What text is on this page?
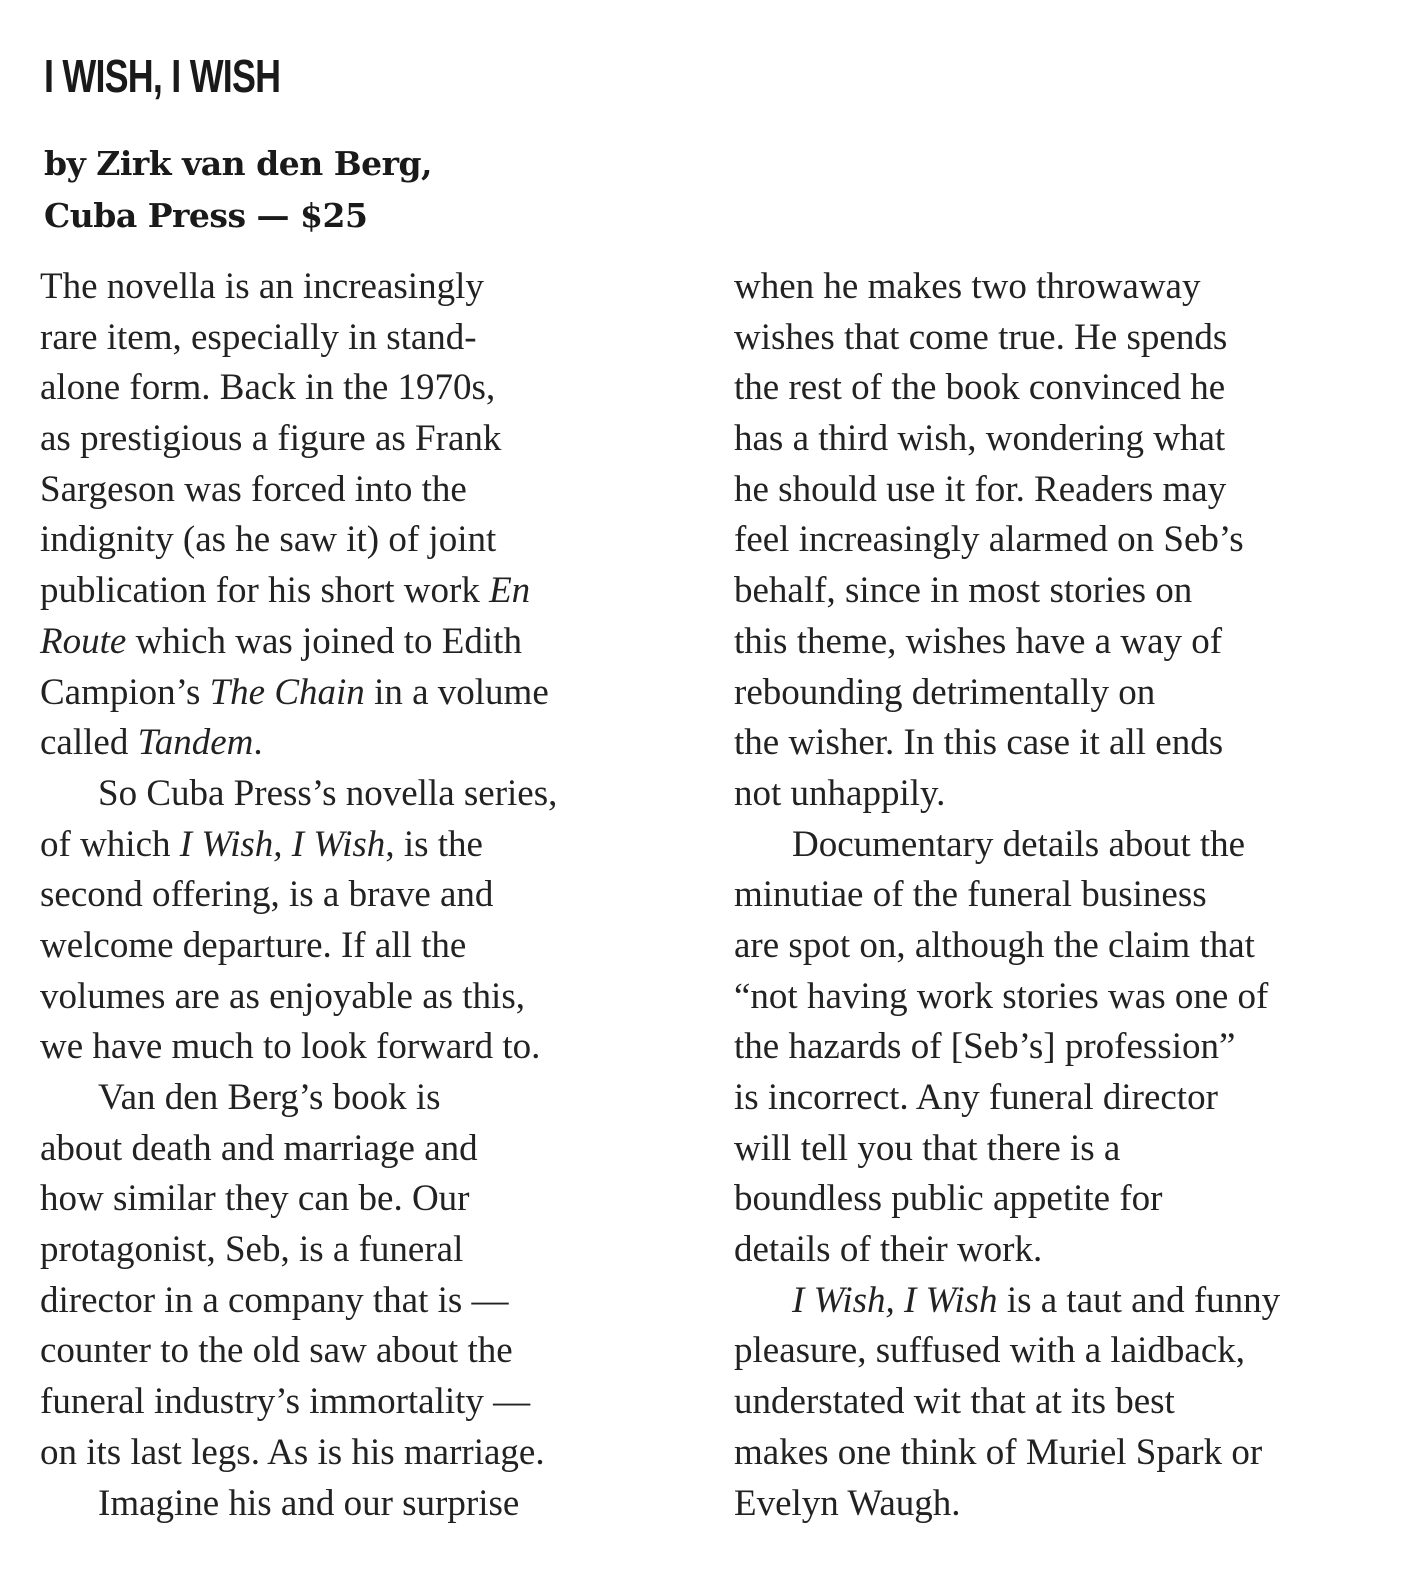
I WISH, I WISH
by Zirk van den Berg,
Cuba Press — $25
The novella is an increasingly
rare item, especially in stand-
alone form. Back in the 1970s,
as prestigious a figure as Frank
Sargeson was forced into the
indignity (as he saw it) of joint
publication for his short work En
Route which was joined to Edith
Campion’s The Chain in a volume
called Tandem.
So Cuba Press’s novella series,
of which I Wish, I Wish, is the
second offering, is a brave and
welcome departure. If all the
volumes are as enjoyable as this,
we have much to look forward to.
Van den Berg’s book is
about death and marriage and
how similar they can be. Our
protagonist, Seb, is a funeral
director in a company that is —
counter to the old saw about the
funeral industry’s immortality —
on its last legs. As is his marriage.
Imagine his and our surprise
when he makes two throwaway
wishes that come true. He spends
the rest of the book convinced he
has a third wish, wondering what
he should use it for. Readers may
feel increasingly alarmed on Seb’s
behalf, since in most stories on
this theme, wishes have a way of
rebounding detrimentally on
the wisher. In this case it all ends
not unhappily.
Documentary details about the
minutiae of the funeral business
are spot on, although the claim that
“not having work stories was one of
the hazards of [Seb’s] profession”
is incorrect. Any funeral director
will tell you that there is a
boundless public appetite for
details of their work.
I Wish, I Wish is a taut and funny
pleasure, suffused with a laidback,
understated wit that at its best
makes one think of Muriel Spark or
Evelyn Waugh.
